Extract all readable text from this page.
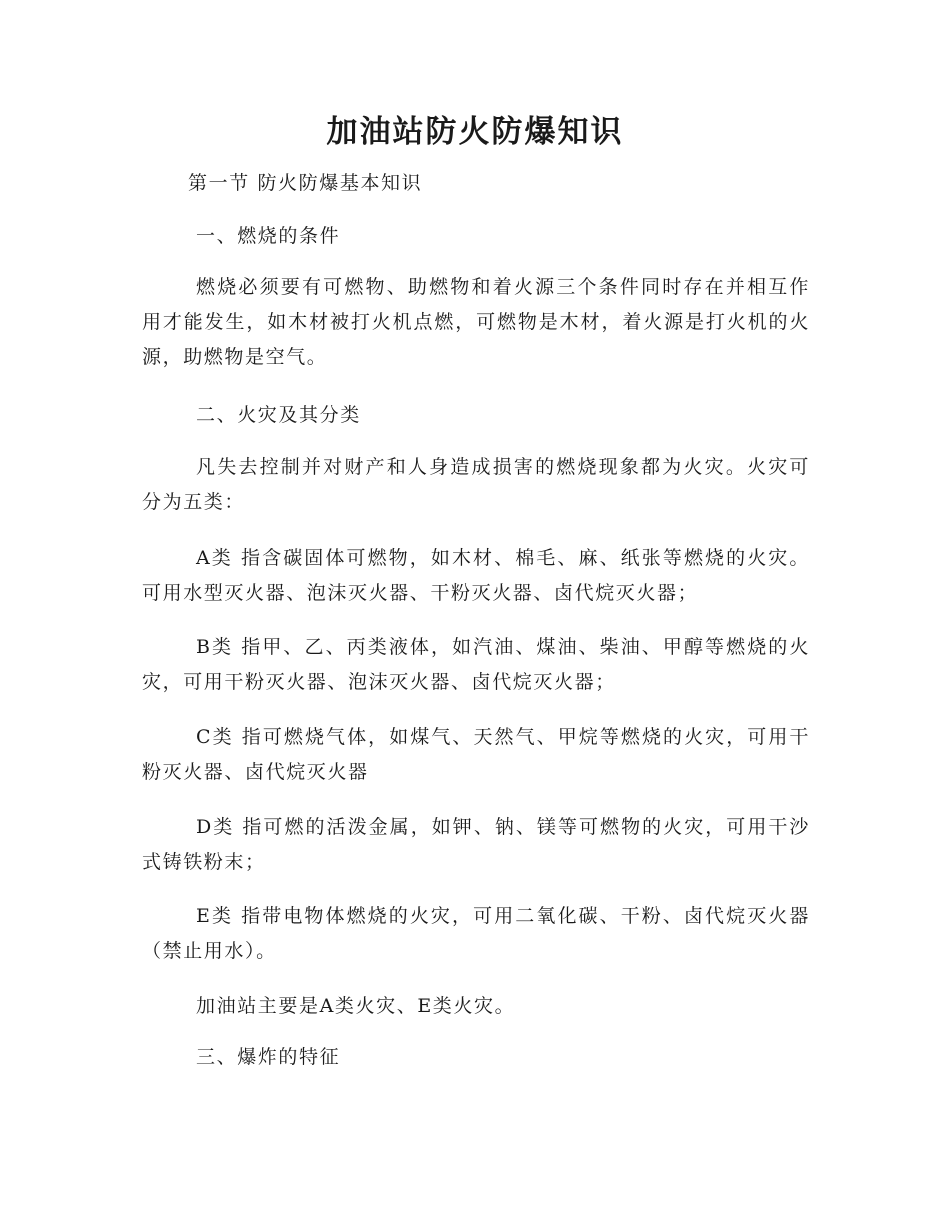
加油站防火防爆知识

第一节 防火防爆基本知识

一、燃烧的条件

燃烧必须要有可燃物、助燃物和着火源三个条件同时存在并相互作用才能发生，如木材被打火机点燃，可燃物是木材，着火源是打火机的火源，助燃物是空气。

二、火灾及其分类

凡失去控制并对财产和人身造成损害的燃烧现象都为火灾。火灾可分为五类：

A类 指含碳固体可燃物，如木材、棉毛、麻、纸张等燃烧的火灾。可用水型灭火器、泡沫灭火器、干粉灭火器、卤代烷灭火器；

B类 指甲、乙、丙类液体，如汽油、煤油、柴油、甲醇等燃烧的火灾，可用干粉灭火器、泡沫灭火器、卤代烷灭火器；

C类 指可燃烧气体，如煤气、天然气、甲烷等燃烧的火灾，可用干粉灭火器、卤代烷灭火器

D类 指可燃的活泼金属，如钾、钠、镁等可燃物的火灾，可用干沙式铸铁粉末；

E类 指带电物体燃烧的火灾，可用二氧化碳、干粉、卤代烷灭火器（禁止用水）。

加油站主要是A类火灾、E类火灾。

三、爆炸的特征
